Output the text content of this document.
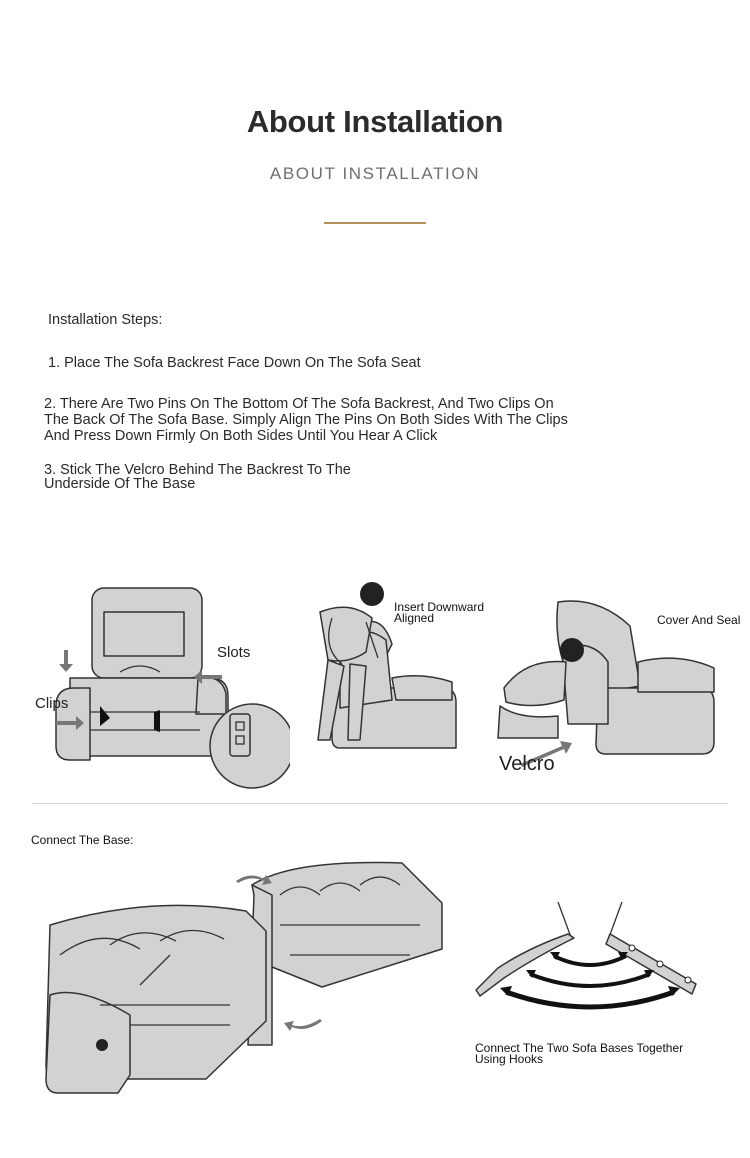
About Installation
ABOUT INSTALLATION
Installation Steps:
1. Place The Sofa Backrest Face Down On The Sofa Seat
2. There Are Two Pins On The Bottom Of The Sofa Backrest, And Two Clips On
The Back Of The Sofa Base. Simply Align The Pins On Both Sides With The Clips
And Press Down Firmly On Both Sides Until You Hear A Click
3. Stick The Velcro Behind The Backrest To The
Underside Of The Base
Slots
Clips
Insert Downward
Aligned	Cover And Seal
Velcro
Connect The Base:
Connect The Two Sofa Bases Together
Using Hooks
